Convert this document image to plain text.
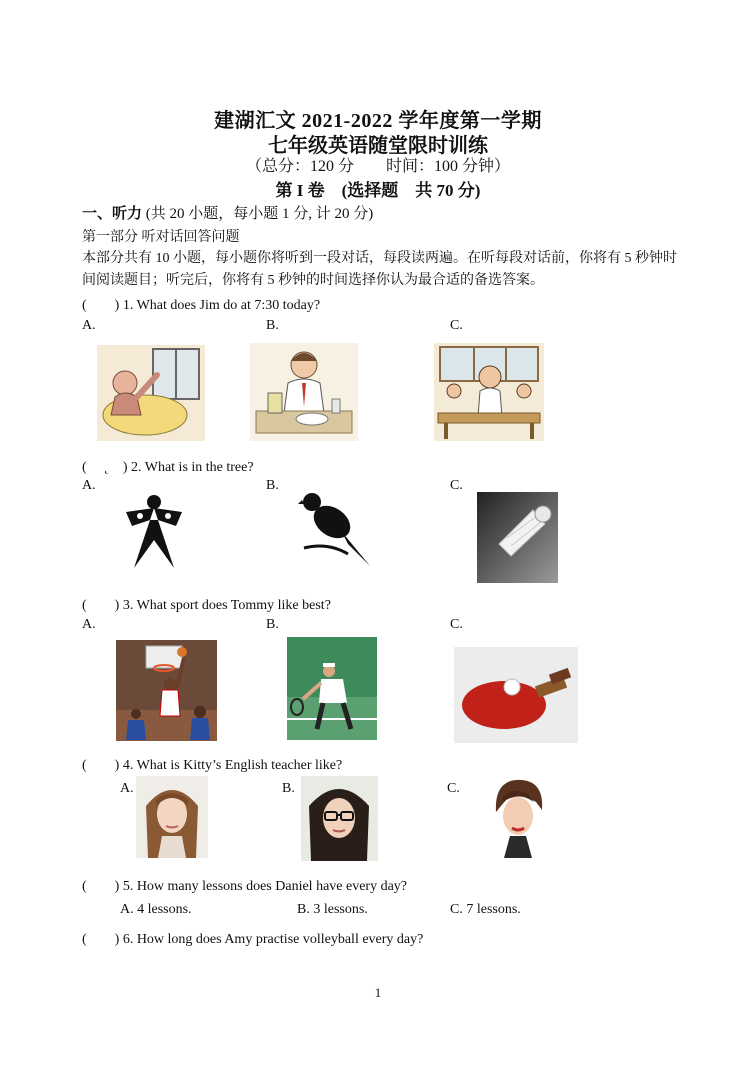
建湖汇文 2021-2022 学年度第一学期
七年级英语随堂限时训练
（总分：120 分　　时间：100 分钟）
第 I 卷　(选择题　共 70 分)
一、听力 (共 20 小题，每小题 1 分, 计 20 分)
第一部分 听对话回答问题
本部分共有 10 小题，每小题你将听到一段对话，每段读两遍。在听每段对话前，你将有 5 秒钟时间阅读题目；听完后，你将有 5 秒钟的时间选择你认为最合适的备选答案。
(　　) 1. What does Jim do at 7:30 today?
A.	B.	C.
(　 ˛　) 2. What is in the tree?
A.	B.	C.
(　　) 3. What sport does Tommy like best?
A.	B.	C.
(　　) 4. What is Kitty’s English teacher like?
A.	B.	C.
(　　) 5. How many lessons does Daniel have every day?
A. 4 lessons.	B. 3 lessons.	C. 7 lessons.
(　　) 6. How long does Amy practise volleyball every day?
1
